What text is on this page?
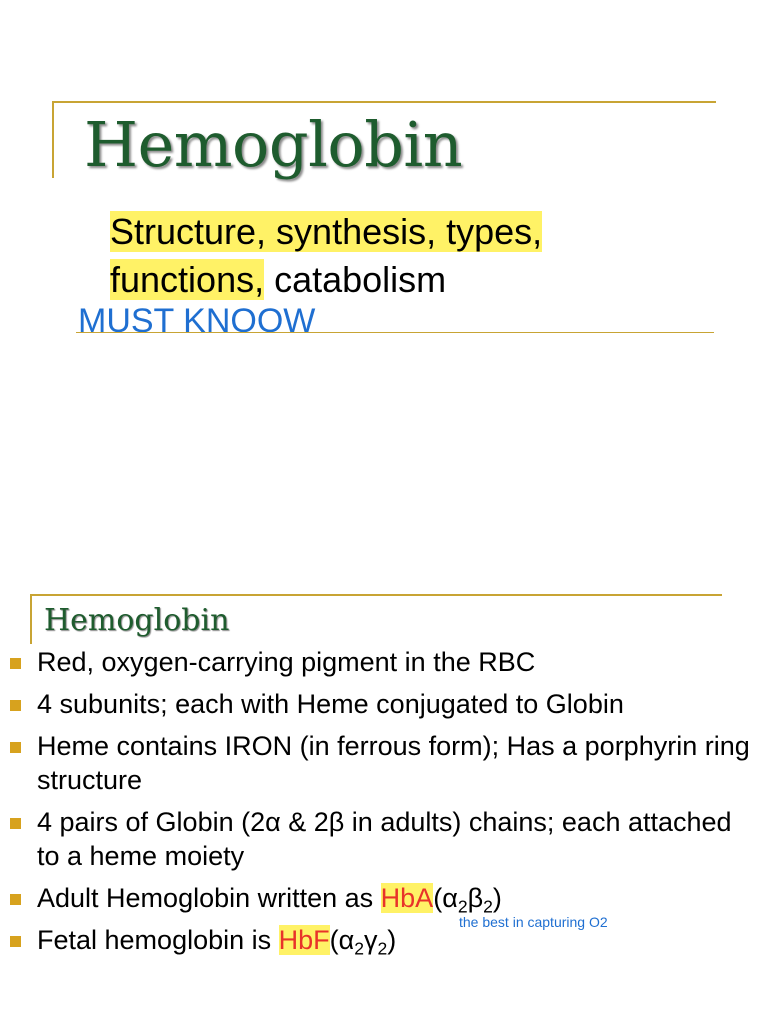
Hemoglobin

Structure, synthesis, types,
functions, catabolism

MUST KNOOW

Hemoglobin
Red, oxygen-carrying pigment in the RBC
4 subunits; each with Heme conjugated to Globin
Heme contains IRON (in ferrous form); Has a porphyrin ring structure
4 pairs of Globin (2α & 2β in adults) chains; each attached to a heme moiety
Adult Hemoglobin written as $HbA(\alpha_2\beta_2)$
Fetal hemoglobin is $HbF(\alpha_2\gamma_2)$

the best in capturing O2
